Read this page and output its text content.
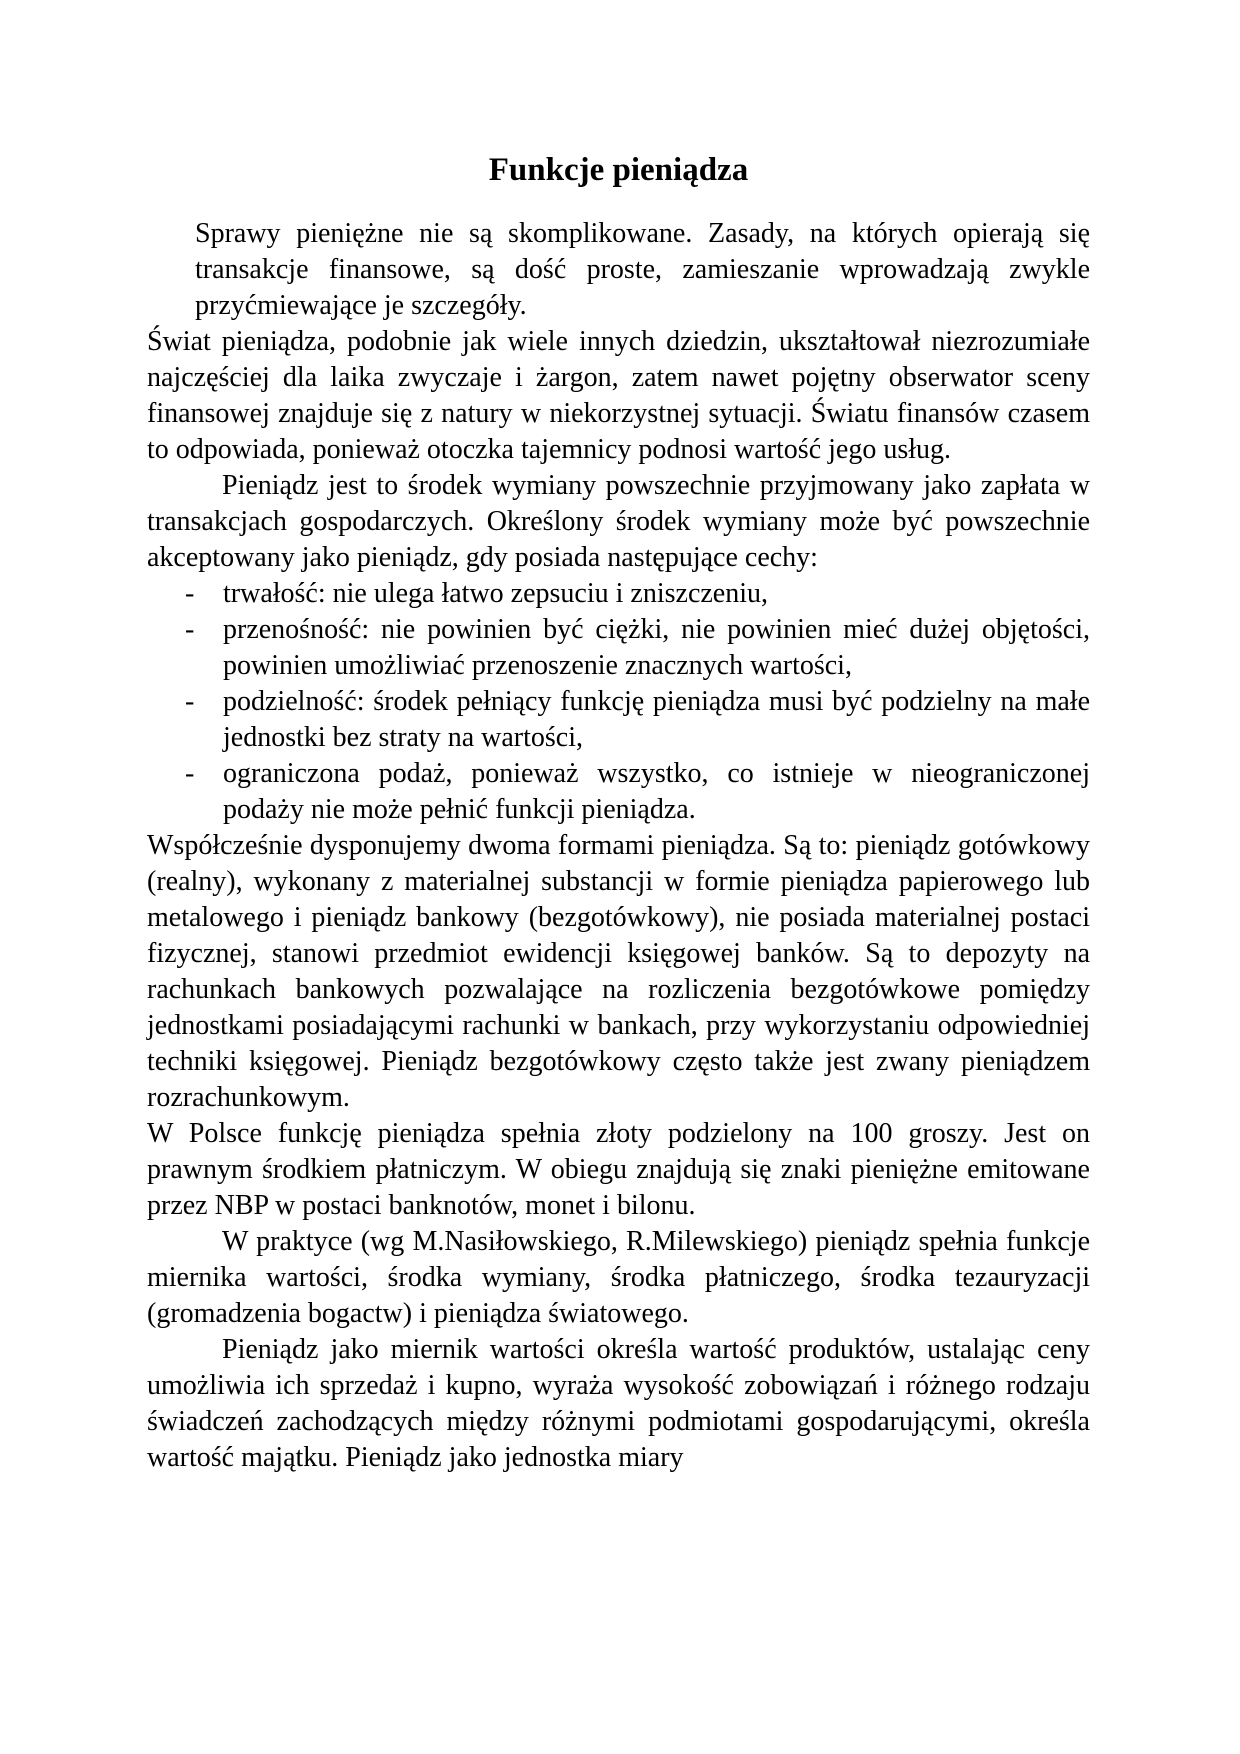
Funkcje pieniądza

Sprawy pieniężne nie są skomplikowane. Zasady, na których opierają się transakcje finansowe, są dość proste, zamieszanie wprowadzają zwykle przyćmiewające je szczegóły.

Świat pieniądza, podobnie jak wiele innych dziedzin, ukształtował niezrozumiałe najczęściej dla laika zwyczaje i żargon, zatem nawet pojętny obserwator sceny finansowej znajduje się z natury w niekorzystnej sytuacji. Światu finansów czasem to odpowiada, ponieważ otoczka tajemnicy podnosi wartość jego usług.

Pieniądz jest to środek wymiany powszechnie przyjmowany jako zapłata w transakcjach gospodarczych. Określony środek wymiany może być powszechnie akceptowany jako pieniądz, gdy posiada następujące cechy:

- trwałość: nie ulega łatwo zepsuciu i zniszczeniu,
- przenośność: nie powinien być ciężki, nie powinien mieć dużej objętości, powinien umożliwiać przenoszenie znacznych wartości,
- podzielność: środek pełniący funkcję pieniądza musi być podzielny na małe jednostki bez straty na wartości,
- ograniczona podaż, ponieważ wszystko, co istnieje w nieograniczonej podaży nie może pełnić funkcji pieniądza.

Współcześnie dysponujemy dwoma formami pieniądza. Są to: pieniądz gotówkowy (realny), wykonany z materialnej substancji w formie pieniądza papierowego lub metalowego i pieniądz bankowy (bezgotówkowy), nie posiada materialnej postaci fizycznej, stanowi przedmiot ewidencji księgowej banków. Są to depozyty na rachunkach bankowych pozwalające na rozliczenia bezgotówkowe pomiędzy jednostkami posiadającymi rachunki w bankach, przy wykorzystaniu odpowiedniej techniki księgowej. Pieniądz bezgotówkowy często także jest zwany pieniądzem rozrachunkowym.

W Polsce funkcję pieniądza spełnia złoty podzielony na 100 groszy. Jest on prawnym środkiem płatniczym. W obiegu znajdują się znaki pieniężne emitowane przez NBP w postaci banknotów, monet i bilonu.

W praktyce (wg M.Nasiłowskiego, R.Milewskiego) pieniądz spełnia funkcje miernika wartości, środka wymiany, środka płatniczego, środka tezauryzacji (gromadzenia bogactw) i pieniądza światowego.

Pieniądz jako miernik wartości określa wartość produktów, ustalając ceny umożliwia ich sprzedaż i kupno, wyraża wysokość zobowiązań i różnego rodzaju świadczeń zachodzących między różnymi podmiotami gospodarującymi, określa wartość majątku. Pieniądz jako jednostka miary
